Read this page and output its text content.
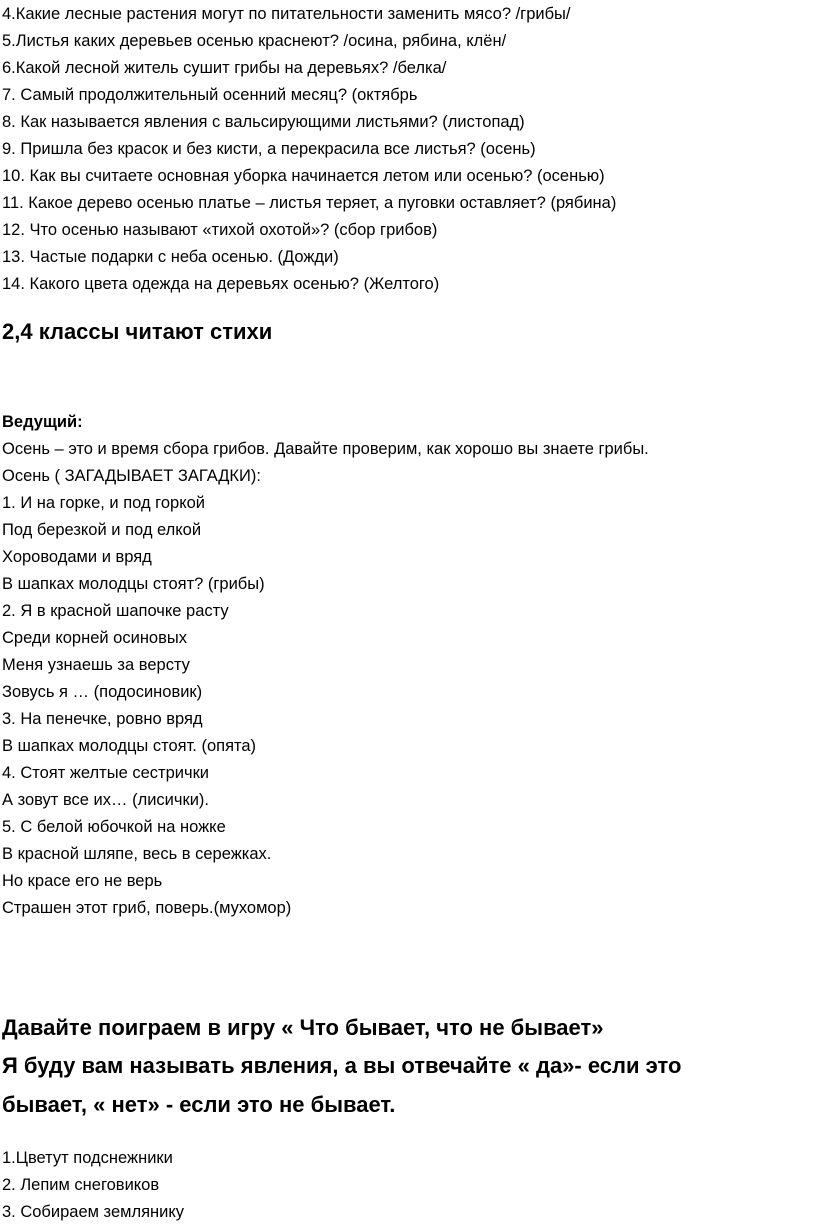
4.Какие лесные растения могут по питательности заменить мясо? /грибы/
5.Листья каких деревьев осенью краснеют? /осина, рябина, клён/
6.Какой лесной житель сушит грибы на деревьях? /белка/
7. Самый продолжительный осенний месяц? (октябрь
8. Как называется явления с вальсирующими листьями? (листопад)
9. Пришла без красок и без кисти, а перекрасила все листья? (осень)
10. Как вы считаете основная уборка начинается летом или осенью? (осенью)
11. Какое дерево осенью платье – листья теряет, а пуговки оставляет? (рябина)
12. Что осенью называют «тихой охотой»? (сбор грибов)
13. Частые подарки с неба осенью. (Дожди)
14. Какого цвета одежда на деревьях осенью? (Желтого)
2,4 классы читают стихи
Ведущий:
Осень – это и время сбора грибов. Давайте проверим, как хорошо вы знаете грибы.
Осень ( ЗАГАДЫВАЕТ ЗАГАДКИ):
1. И на горке, и под горкой
Под березкой и под елкой
Хороводами и вряд
В шапках молодцы стоят? (грибы)
2. Я в красной шапочке расту
Среди корней осиновых
Меня узнаешь за версту
Зовусь я … (подосиновик)
3. На пенечке, ровно вряд
В шапках молодцы стоят. (опята)
4. Стоят желтые сестрички
А зовут все их… (лисички).
5. С белой юбочкой на ножке
В красной шляпе, весь в сережках.
Но красе его не верь
Страшен этот гриб, поверь.(мухомор)
Давайте поиграем в игру « Что бывает, что не бывает»
Я буду вам называть явления, а вы отвечайте « да»- если это
бывает, « нет» - если это не бывает.
1.Цветут подснежники
2. Лепим снеговиков
3. Собираем землянику
